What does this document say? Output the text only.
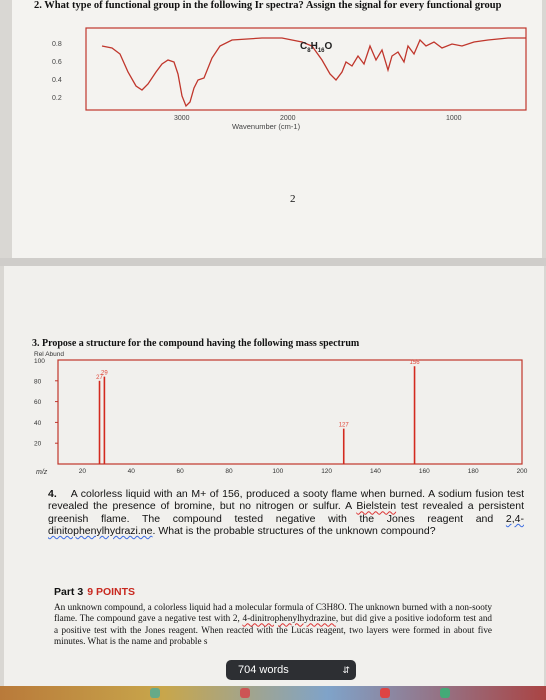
2. What type of functional group in the following Ir spectra? Assign the signal for every functional group
0.8
0.6
0.4
0.2
$C_8H_{16}O$
3000	2000	1000
Wavenumber (cm-1)
2
3. Propose a structure for the compound having the following mass spectrum
Rel Abund
100
m/z
80
60
40
20
20	40	60	80	100	120	140	160	180	200
27
29
127
156
4. A colorless liquid with an M+ of 156, produced a sooty flame when burned. A sodium fusion test revealed the presence of bromine, but no nitrogen or sulfur. A Bielstein test revealed a persistent greenish flame. The compound tested negative with the Jones reagent and 2,4-dinitophenylhydrazi.ne. What is the probable structures of the unknown compound?
Part 3 9 POINTS
An unknown compound, a colorless liquid had a molecular formula of C3H8O. The unknown burned with a non-sooty flame. The compound gave a negative test with 2, 4-dinitrophenylhydrazine, but did give a positive iodoform test and a positive test with the Jones reagent. When reacted with the Lucas reagent, two layers were formed in about five minutes. What is the name and probable s
704 words	⇵
